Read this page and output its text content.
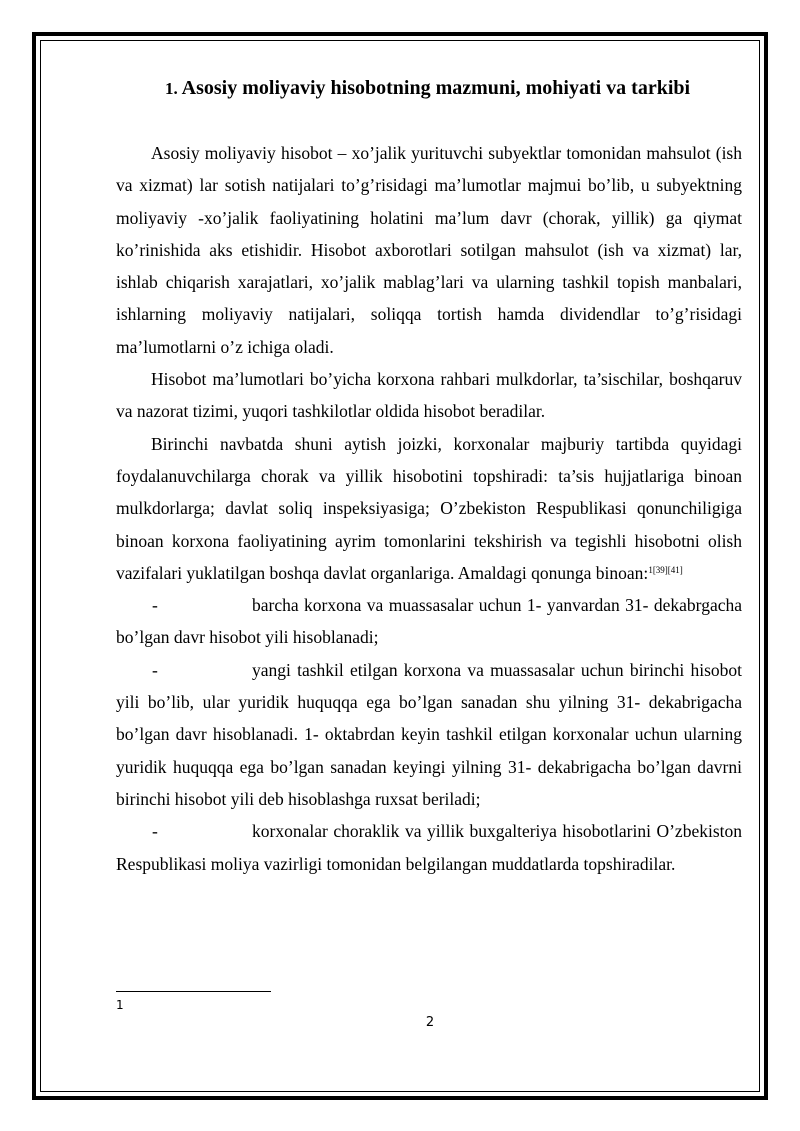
1. Asosiy moliyaviy hisobotning mazmuni, mohiyati va tarkibi

Asosiy moliyaviy hisobot – xo’jalik yurituvchi subyektlar tomonidan mahsulot (ish va xizmat) lar sotish natijalari to’g’risidagi ma’lumotlar majmui bo’lib, u subyektning moliyaviy -xo’jalik faoliyatining holatini ma’lum davr (chorak, yillik) ga qiymat ko’rinishida aks etishidir. Hisobot axborotlari sotilgan mahsulot (ish va xizmat) lar, ishlab chiqarish xarajatlari, xo’jalik mablag’lari va ularning tashkil topish manbalari, ishlarning moliyaviy natijalari, soliqqa tortish hamda dividendlar to’g’risidagi ma’lumotlarni o’z ichiga oladi.

Hisobot ma’lumotlari bo’yicha korxona rahbari mulkdorlar, ta’sischilar, boshqaruv va nazorat tizimi, yuqori tashkilotlar oldida hisobot beradilar.

Birinchi navbatda shuni aytish joizki, korxonalar majburiy tartibda quyidagi foydalanuvchilarga chorak va yillik hisobotini topshiradi: ta’sis hujjatlariga binoan mulkdorlarga; davlat soliq inspeksiyasiga; O’zbekiston Respublikasi qonunchiligiga binoan korxona faoliyatining ayrim tomonlarini tekshirish va tegishli hisobotni olish vazifalari yuklatilgan boshqa davlat organlariga. Amaldagi qonunga binoan:$^{1[39][41]}$

-	barcha korxona va muassasalar uchun 1- yanvardan 31- dekabrgacha bo’lgan davr hisobot yili hisoblanadi;

-	yangi tashkil etilgan korxona va muassasalar uchun birinchi hisobot yili bo’lib, ular yuridik huquqqa ega bo’lgan sanadan shu yilning 31- dekabrigacha bo’lgan davr hisoblanadi. 1- oktabrdan keyin tashkil etilgan korxonalar uchun ularning yuridik huquqqa ega bo’lgan sanadan keyingi yilning 31- dekabrigacha bo’lgan davrni birinchi hisobot yili deb hisoblashga ruxsat beriladi;

-	korxonalar choraklik va yillik buxgalteriya hisobotlarini O’zbekiston Respublikasi moliya vazirligi tomonidan belgilangan muddatlarda topshiradilar.

1
2
